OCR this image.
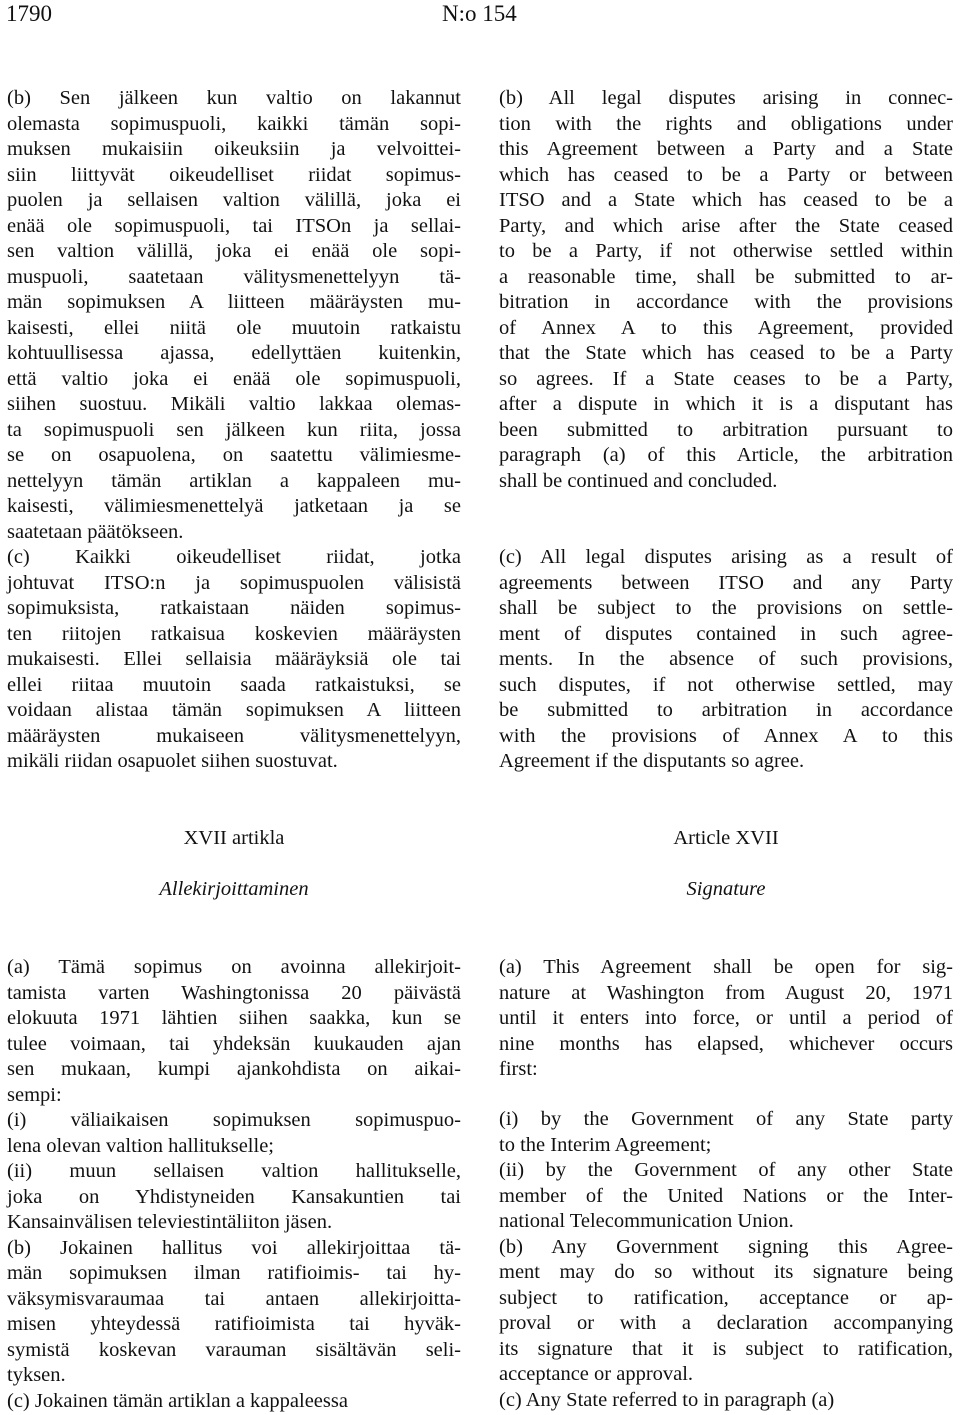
1790	N:o 154
(b) Sen jälkeen kun valtio on lakannut
olemasta sopimuspuoli, kaikki tämän sopi-
muksen mukaisiin oikeuksiin ja velvoittei-
siin liittyvät oikeudelliset riidat sopimus-
puolen ja sellaisen valtion välillä, joka ei
enää ole sopimuspuoli, tai ITSOn ja sellai-
sen valtion välillä, joka ei enää ole sopi-
muspuoli, saatetaan välitysmenettelyyn tä-
män sopimuksen A liitteen määräysten mu-
kaisesti, ellei niitä ole muutoin ratkaistu
kohtuullisessa ajassa, edellyttäen kuitenkin,
että valtio joka ei enää ole sopimuspuoli,
siihen suostuu. Mikäli valtio lakkaa olemas-
ta sopimuspuoli sen jälkeen kun riita, jossa
se on osapuolena, on saatettu välimiesme-
nettelyyn tämän artiklan a kappaleen mu-
kaisesti, välimiesmenettelyä jatketaan ja se
saatetaan päätökseen.
(c) Kaikki oikeudelliset riidat, jotka
johtuvat ITSO:n ja sopimuspuolen välisistä
sopimuksista, ratkaistaan näiden sopimus-
ten riitojen ratkaisua koskevien määräysten
mukaisesti. Ellei sellaisia määräyksiä ole tai
ellei riitaa muutoin saada ratkaistuksi, se
voidaan alistaa tämän sopimuksen A liitteen
määräysten mukaiseen välitysmenettelyyn,
mikäli riidan osapuolet siihen suostuvat.
(b) All legal disputes arising in connec-
tion with the rights and obligations under
this Agreement between a Party and a State
which has ceased to be a Party or between
ITSO and a State which has ceased to be a
Party, and which arise after the State ceased
to be a Party, if not otherwise settled within
a reasonable time, shall be submitted to ar-
bitration in accordance with the provisions
of Annex A to this Agreement, provided
that the State which has ceased to be a Party
so agrees. If a State ceases to be a Party,
after a dispute in which it is a disputant has
been submitted to arbitration pursuant to
paragraph (a) of this Article, the arbitration
shall be continued and concluded.
(c) All legal disputes arising as a result of
agreements between ITSO and any Party
shall be subject to the provisions on settle-
ment of disputes contained in such agree-
ments. In the absence of such provisions,
such disputes, if not otherwise settled, may
be submitted to arbitration in accordance
with the provisions of Annex A to this
Agreement if the disputants so agree.
XVII artikla
Allekirjoittaminen
Article XVII
Signature
(a) Tämä sopimus on avoinna allekirjoit-
tamista varten Washingtonissa 20 päivästä
elokuuta 1971 lähtien siihen saakka, kun se
tulee voimaan, tai yhdeksän kuukauden ajan
sen mukaan, kumpi ajankohdista on aikai-
sempi:
(i) väliaikaisen sopimuksen sopimuspuo-
lena olevan valtion hallitukselle;
(ii) muun sellaisen valtion hallitukselle,
joka on Yhdistyneiden Kansakuntien tai
Kansainvälisen televiestintäliiton jäsen.
(b) Jokainen hallitus voi allekirjoittaa tä-
män sopimuksen ilman ratifioimis- tai hy-
väksymisvaraumaa tai antaen allekirjoitta-
misen yhteydessä ratifioimista tai hyväk-
symistä koskevan varauman sisältävän seli-
tyksen.
(c) Jokainen tämän artiklan a kappaleessa
(a) This Agreement shall be open for sig-
nature at Washington from August 20, 1971
until it enters into force, or until a period of
nine months has elapsed, whichever occurs
first:
(i) by the Government of any State party
to the Interim Agreement;
(ii) by the Government of any other State
member of the United Nations or the Inter-
national Telecommunication Union.
(b) Any Government signing this Agree-
ment may do so without its signature being
subject to ratification, acceptance or ap-
proval or with a declaration accompanying
its signature that it is subject to ratification,
acceptance or approval.
(c) Any State referred to in paragraph (a)
